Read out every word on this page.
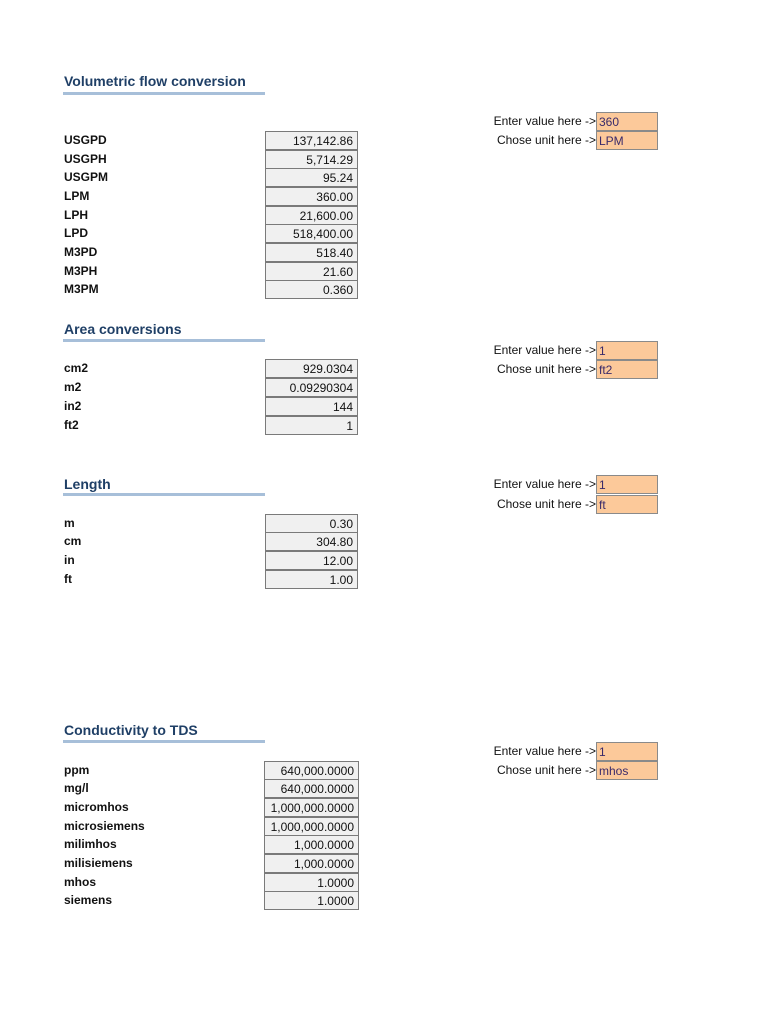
Volumetric flow conversion
Enter value here -> 360
Chose unit here -> LPM
USGPD	137,142.86
USGPH	5,714.29
USGPM	95.24
LPM	360.00
LPH	21,600.00
LPD	518,400.00
M3PD	518.40
M3PH	21.60
M3PM	0.360
Area conversions
Enter value here -> 1
Chose unit here -> ft2
cm2	929.0304
m2	0.09290304
in2	144
ft2	1
Length	Enter value here -> 1
Chose unit here -> ft
m	0.30
cm	304.80
in	12.00
ft	1.00
Conductivity to TDS
Enter value here -> 1
Chose unit here -> mhos
ppm	640,000.0000
mg/l	640,000.0000
micromhos	1,000,000.0000
microsiemens	1,000,000.0000
milimhos	1,000.0000
milisiemens	1,000.0000
mhos	1.0000
siemens	1.0000
